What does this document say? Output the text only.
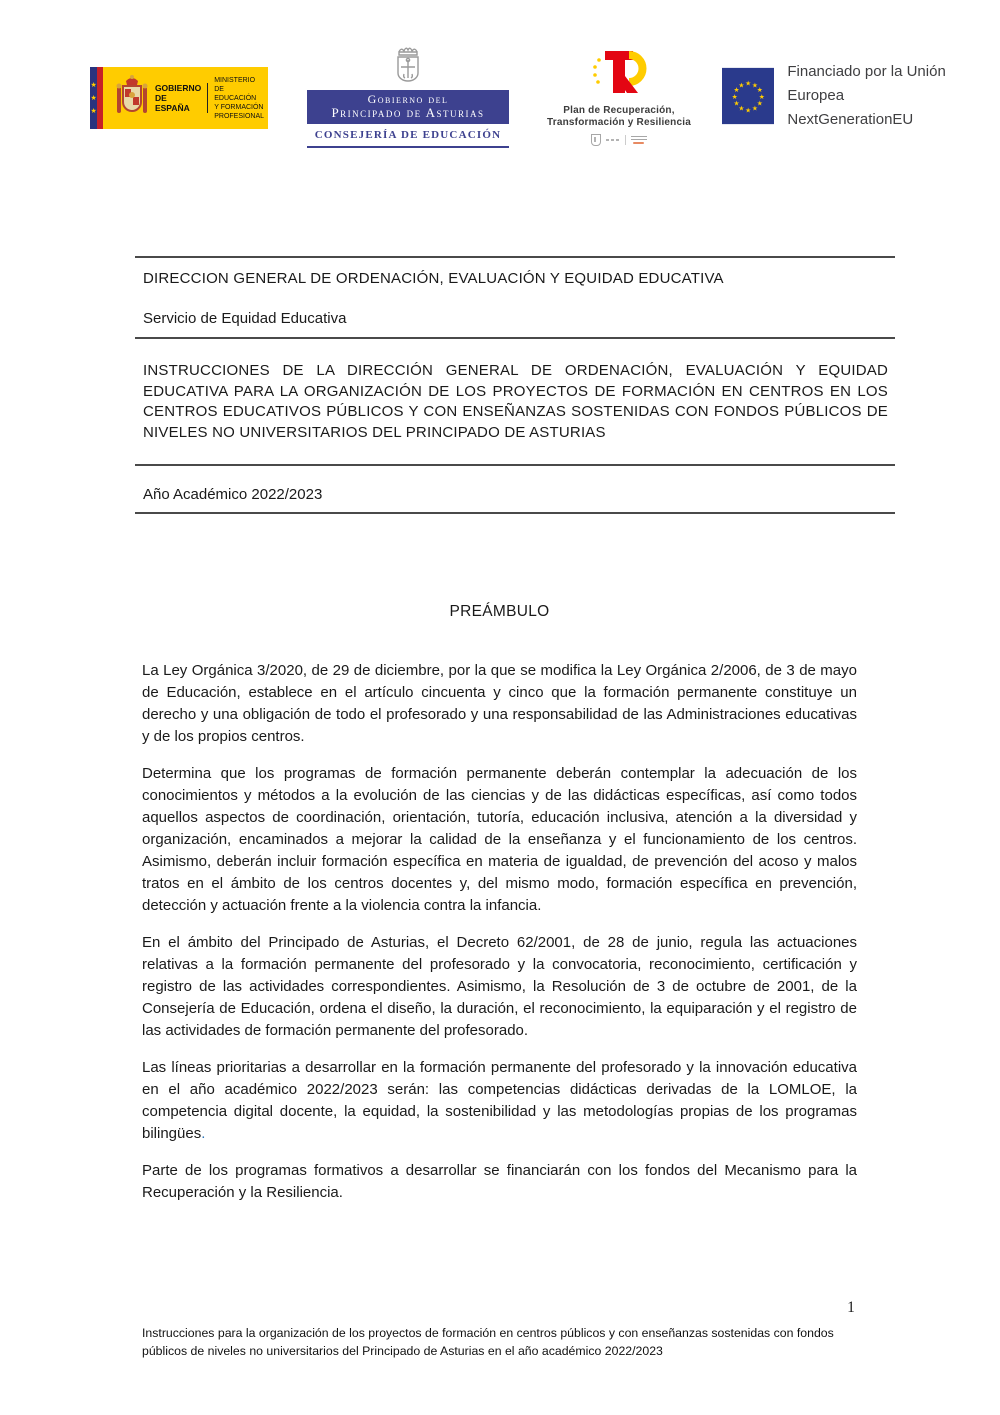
★
★
★
GOBIERNO
DE ESPAÑA
MINISTERIO
DE EDUCACIÓN
Y FORMACIÓN PROFESIONAL
Gobierno del
Principado de Asturias
CONSEJERÍA DE EDUCACIÓN
Plan de Recuperación,
Transformación y Resiliencia
★ ★
★
★
★
★
★
★
★
★
★
★
Financiado por la Unión Europea
NextGenerationEU
DIRECCION GENERAL DE ORDENACIÓN, EVALUACIÓN Y EQUIDAD EDUCATIVA
Servicio de Equidad Educativa
INSTRUCCIONES DE LA DIRECCIÓN GENERAL DE ORDENACIÓN, EVALUACIÓN Y EQUIDAD EDUCATIVA PARA LA ORGANIZACIÓN DE LOS PROYECTOS DE FORMACIÓN EN CENTROS EN LOS CENTROS EDUCATIVOS PÚBLICOS Y CON ENSEÑANZAS SOSTENIDAS CON FONDOS PÚBLICOS DE NIVELES NO UNIVERSITARIOS DEL PRINCIPADO DE ASTURIAS
Año Académico 2022/2023
PREÁMBULO

La Ley Orgánica 3/2020, de 29 de diciembre, por la que se modifica la Ley Orgánica 2/2006, de 3 de mayo de Educación, establece en el artículo cincuenta y cinco que la formación permanente constituye un derecho y una obligación de todo el profesorado y una responsabilidad de las Administraciones educativas y de los propios centros.

Determina que los programas de formación permanente deberán contemplar la adecuación de los conocimientos y métodos a la evolución de las ciencias y de las didácticas específicas, así como todos aquellos aspectos de coordinación, orientación, tutoría, educación inclusiva, atención a la diversidad y organización, encaminados a mejorar la calidad de la enseñanza y el funcionamiento de los centros. Asimismo, deberán incluir formación específica en materia de igualdad, de prevención del acoso y malos tratos en el ámbito de los centros docentes y, del mismo modo, formación específica en prevención, detección y actuación frente a la violencia contra la infancia.

En el ámbito del Principado de Asturias, el Decreto 62/2001, de 28 de junio, regula las actuaciones relativas a la formación permanente del profesorado y la convocatoria, reconocimiento, certificación y registro de las actividades correspondientes. Asimismo, la Resolución de 3 de octubre de 2001, de la Consejería de Educación, ordena el diseño, la duración, el reconocimiento, la equiparación y el registro de las actividades de formación permanente del profesorado.

Las líneas prioritarias a desarrollar en la formación permanente del profesorado y la innovación educativa en el año académico 2022/2023 serán: las competencias didácticas derivadas de la LOMLOE, la competencia digital docente, la equidad, la sostenibilidad y las metodologías propias de los programas bilingües.

Parte de los programas formativos a desarrollar se financiarán con los fondos del Mecanismo para la Recuperación y la Resiliencia.

1
Instrucciones para la organización de los proyectos de formación en centros públicos y con enseñanzas sostenidas con fondos
públicos de niveles no universitarios del Principado de Asturias en el año académico 2022/2023
